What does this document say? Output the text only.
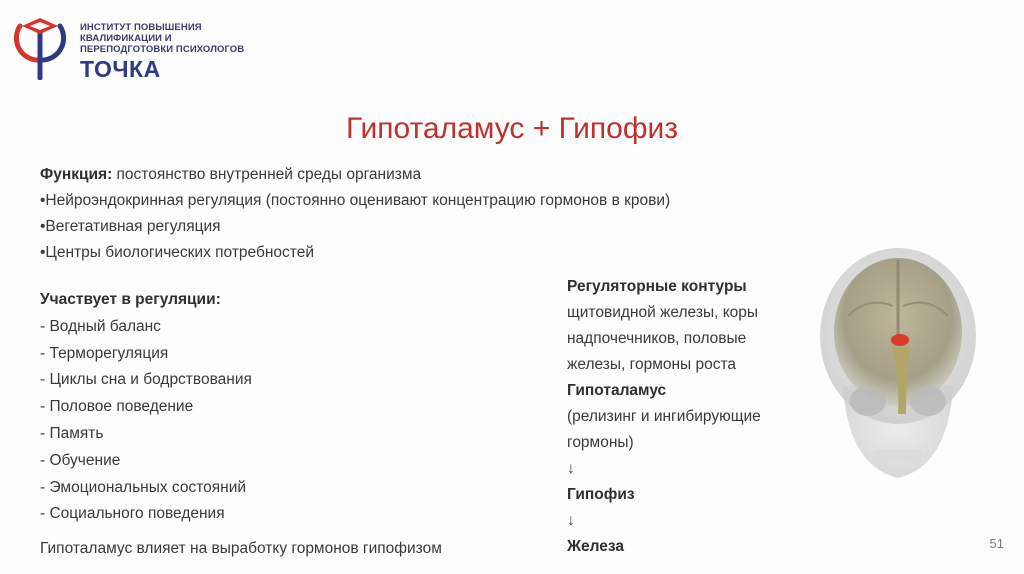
ИНСТИТУТ ПОВЫШЕНИЯ
КВАЛИФИКАЦИИ И
ПЕРЕПОДГОТОВКИ ПСИХОЛОГОВ
ТОЧКА
Гипоталамус + Гипофиз
Функция: постоянство внутренней среды организма
•Нейроэндокринная регуляция (постоянно оценивают концентрацию гормонов в крови)
•Вегетативная регуляция
•Центры биологических потребностей
Участвует в регуляции:
- Водный баланс
- Терморегуляция
- Циклы сна и бодрствования
- Половое поведение
- Память
- Обучение
- Эмоциональных состояний
- Социального поведения
Гипоталамус влияет на выработку гормонов гипофизом
Регуляторные контуры
щитовидной железы, коры
надпочечников, половые
железы, гормоны роста
Гипоталамус
(релизинг и ингибирующие
гормоны)
↓
Гипофиз
↓
Железа	51
